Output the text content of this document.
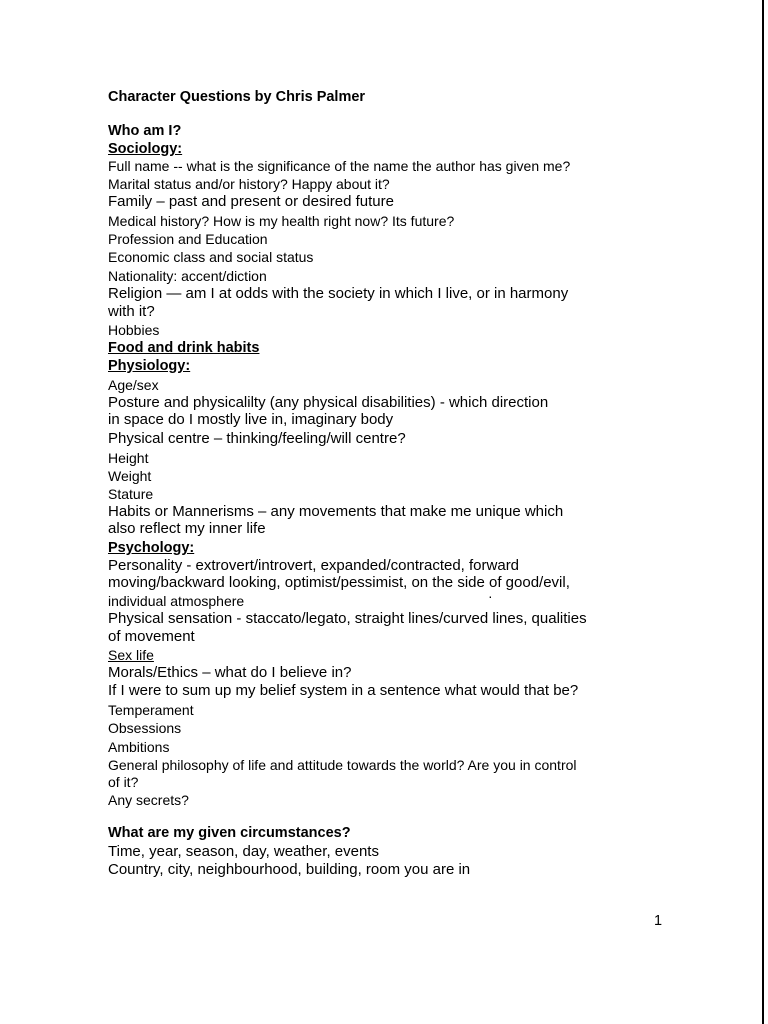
Character Questions by Chris Palmer
Who am I?
Sociology:
Full name -- what is the significance of the name the author has given me?
Marital status and/or history? Happy about it?
Family – past and present or desired future
Medical history? How is my health right now? Its future?
Profession and Education
Economic class and social status
Nationality: accent/diction
Religion — am I at odds with the society in which I live, or in harmony
with it?
Hobbies
Food and drink habits
Physiology:
Age/sex
Posture and physicalilty (any physical disabilities) - which direction
in space do I mostly live in, imaginary body
Physical centre – thinking/feeling/will centre?
Height
Weight
Stature
Habits or Mannerisms – any movements that make me unique which
also reflect my inner life
Psychology:
Personality - extrovert/introvert, expanded/contracted, forward
moving/backward looking, optimist/pessimist, on the side of good/evil,
individual atmosphere
Physical sensation - staccato/legato, straight lines/curved lines, qualities
of movement
Sex life
Morals/Ethics – what do I believe in?
If I were to sum up my belief system in a sentence what would that be?
Temperament
Obsessions
Ambitions
General philosophy of life and attitude towards the world? Are you in control
of it?
Any secrets?
·
What are my given circumstances?
Time, year, season, day, weather, events
Country, city, neighbourhood, building, room you are in
1
